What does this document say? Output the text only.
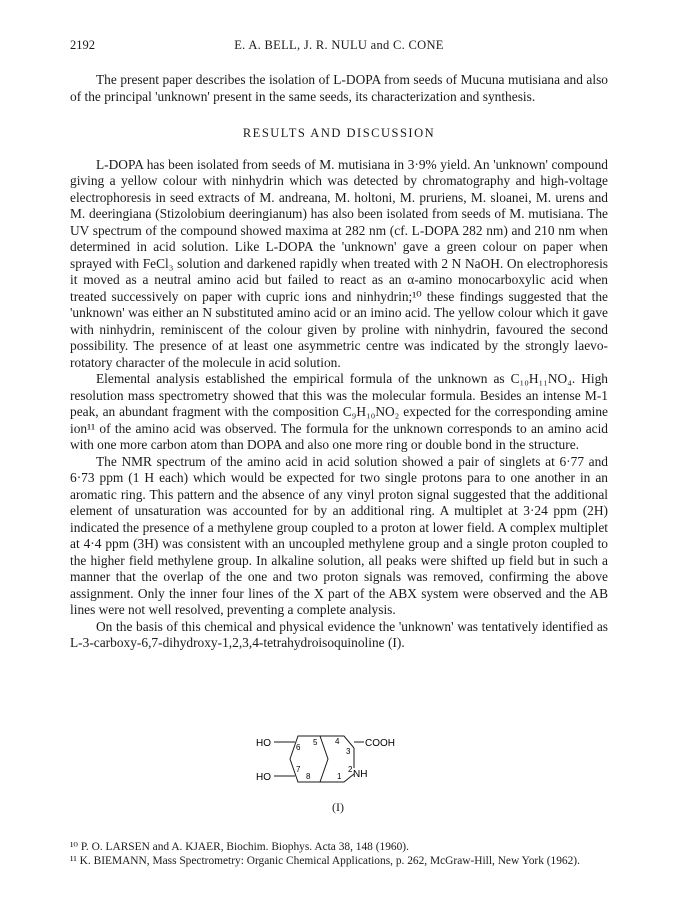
2192	E. A. BELL, J. R. NULU and C. CONE

The present paper describes the isolation of L-DOPA from seeds of Mucuna mutisiana and also of the principal 'unknown' present in the same seeds, its characterization and synthesis.

RESULTS AND DISCUSSION

L-DOPA has been isolated from seeds of M. mutisiana in 3·9% yield. An 'unknown' compound giving a yellow colour with ninhydrin which was detected by chromatography and high-voltage electrophoresis in seed extracts of M. andreana, M. holtoni, M. pruriens, M. sloanei, M. urens and M. deeringiana (Stizolobium deeringianum) has also been isolated from seeds of M. mutisiana. The UV spectrum of the compound showed maxima at 282 nm (cf. L-DOPA 282 nm) and 210 nm when determined in acid solution. Like L-DOPA the 'unknown' gave a green colour on paper when sprayed with FeCl₃ solution and darkened rapidly when treated with 2 N NaOH. On electrophoresis it moved as a neutral amino acid but failed to react as an α-amino monocarboxylic acid when treated successively on paper with cupric ions and ninhydrin;¹⁰ these findings suggested that the 'unknown' was either an N substituted amino acid or an imino acid. The yellow colour which it gave with ninhydrin, reminiscent of the colour given by proline with ninhydrin, favoured the second possibility. The presence of at least one asymmetric centre was indicated by the strongly laevo-rotatory character of the molecule in acid solution.

Elemental analysis established the empirical formula of the unknown as C₁₀H₁₁NO₄. High resolution mass spectrometry showed that this was the molecular formula. Besides an intense M-1 peak, an abundant fragment with the composition C₉H₁₀NO₂ expected for the corresponding amine ion¹¹ of the amino acid was observed. The formula for the unknown corresponds to an amino acid with one more carbon atom than DOPA and also one more ring or double bond in the structure.

The NMR spectrum of the amino acid in acid solution showed a pair of singlets at 6·77 and 6·73 ppm (1 H each) which would be expected for two single protons para to one another in an aromatic ring. This pattern and the absence of any vinyl proton signal suggested that the additional element of unsaturation was accounted for by an additional ring. A multiplet at 3·24 ppm (2H) indicated the presence of a methylene group coupled to a proton at lower field. A complex multiplet at 4·4 ppm (3H) was consistent with an uncoupled methylene group and a single proton coupled to the higher field methylene group. In alkaline solution, all peaks were shifted up field but in such a manner that the overlap of the one and two proton signals was removed, confirming the above assignment. Only the inner four lines of the X part of the ABX system were observed and the AB lines were not well resolved, preventing a complete analysis.

On the basis of this chemical and physical evidence the 'unknown' was tentatively identified as L-3-carboxy-6,7-dihydroxy-1,2,3,4-tetrahydroisoquinoline (I).

HO
HO
COOH
NH
5
6
4
3
7
8	1
2
(I)

¹⁰ P. O. LARSEN and A. KJAER, Biochim. Biophys. Acta 38, 148 (1960).

¹¹ K. BIEMANN, Mass Spectrometry: Organic Chemical Applications, p. 262, McGraw-Hill, New York (1962).
